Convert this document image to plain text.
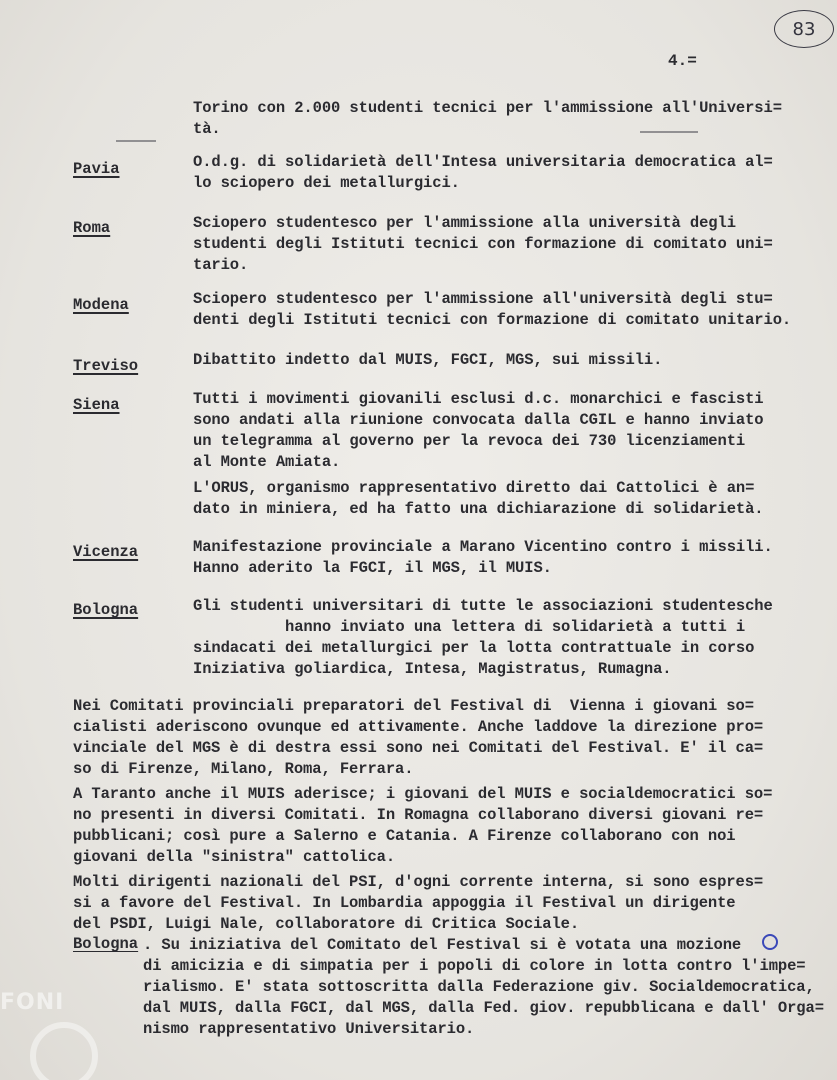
83
4.=
Torino con 2.000 studenti tecnici per l'ammissione all'Universi=
tà.
Pavia	O.d.g. di solidarietà dell'Intesa universitaria democratica al=
lo sciopero dei metallurgici.
Roma	Sciopero studentesco per l'ammissione alla università degli
studenti degli Istituti tecnici con formazione di comitato uni=
tario.
Modena	Sciopero studentesco per l'ammissione all'università degli stu=
denti degli Istituti tecnici con formazione di comitato unitario.
Treviso	Dibattito indetto dal MUIS, FGCI, MGS, sui missili.
Siena	Tutti i movimenti giovanili esclusi d.c. monarchici e fascisti
sono andati alla riunione convocata dalla CGIL e hanno inviato
un telegramma al governo per la revoca dei 730 licenziamenti
al Monte Amiata.
L'ORUS, organismo rappresentativo diretto dai Cattolici è an=
dato in miniera, ed ha fatto una dichiarazione di solidarietà.
Vicenza	Manifestazione provinciale a Marano Vicentino contro i missili.
Hanno aderito la FGCI, il MGS, il MUIS.
Bologna	Gli studenti universitari di tutte le associazioni studentesche
hanno inviato una lettera di solidarietà a tutti i
sindacati dei metallurgici per la lotta contrattuale in corso
Iniziativa goliardica, Intesa, Magistratus, Rumagna.
Nei Comitati provinciali preparatori del Festival di  Vienna i giovani so=
cialisti aderiscono ovunque ed attivamente. Anche laddove la direzione pro=
vinciale del MGS è di destra essi sono nei Comitati del Festival. E' il ca=
so di Firenze, Milano, Roma, Ferrara.
A Taranto anche il MUIS aderisce; i giovani del MUIS e socialdemocratici so=
no presenti in diversi Comitati. In Romagna collaborano diversi giovani re=
pubblicani; così pure a Salerno e Catania. A Firenze collaborano con noi
giovani della "sinistra" cattolica.
Molti dirigenti nazionali del PSI, d'ogni corrente interna, si sono espres=
si a favore del Festival. In Lombardia appoggia il Festival un dirigente
del PSDI, Luigi Nale, collaboratore di Critica Sociale.
Bologna . Su iniziativa del Comitato del Festival si è votata una mozione
di amicizia e di simpatia per i popoli di colore in lotta contro l'impe=
rialismo. E' stata sottoscritta dalla Federazione giv. Socialdemocratica,
dal MUIS, dalla FGCI, dal MGS, dalla Fed. giov. repubblicana e dall' Orga=
nismo rappresentativo Universitario.
FONI
